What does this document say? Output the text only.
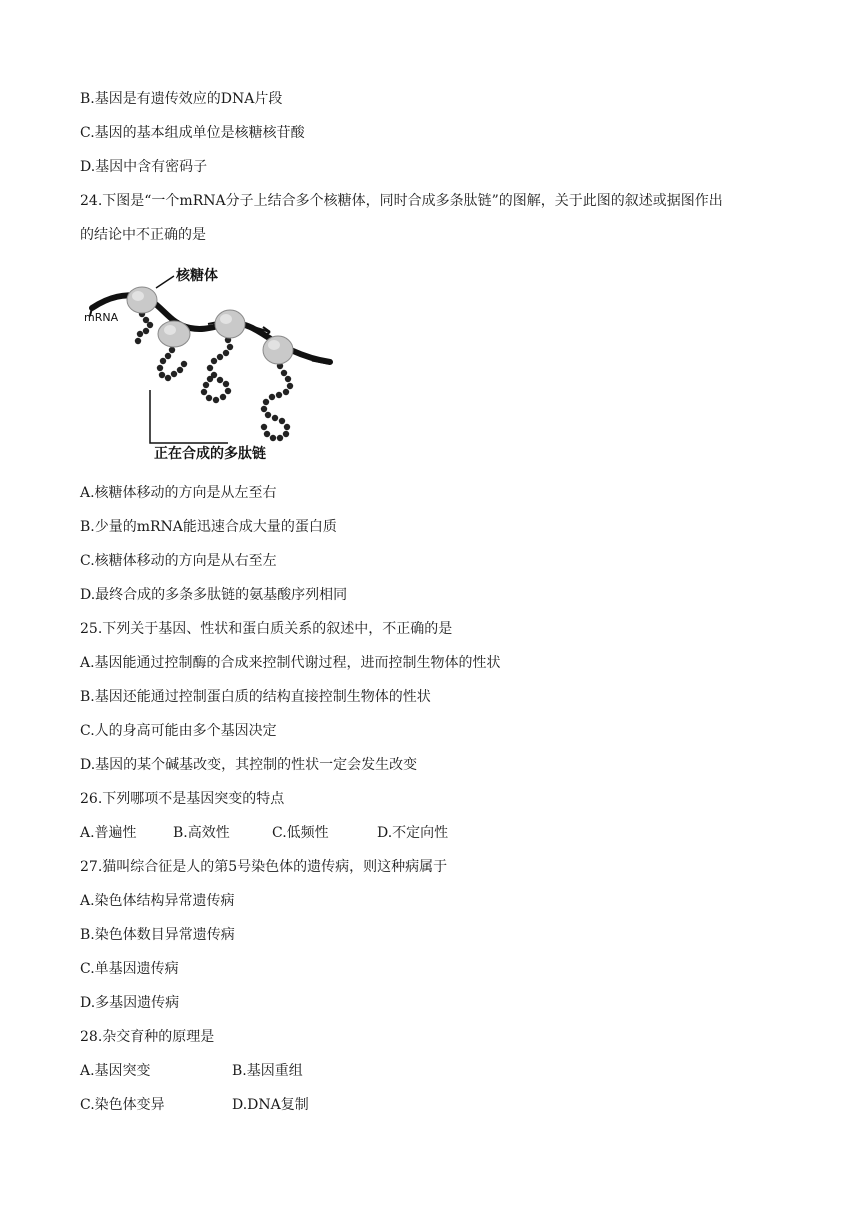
B.基因是有遗传效应的DNA片段
C.基因的基本组成单位是核糖核苷酸
D.基因中含有密码子
24.下图是“一个mRNA分子上结合多个核糖体，同时合成多条肽链”的图解，关于此图的叙述或据图作出
的结论中不正确的是
核糖体
mRNA
正在合成的多肽链
A.核糖体移动的方向是从左至右
B.少量的mRNA能迅速合成大量的蛋白质
C.核糖体移动的方向是从右至左
D.最终合成的多条多肽链的氨基酸序列相同
25.下列关于基因、性状和蛋白质关系的叙述中，不正确的是
A.基因能通过控制酶的合成来控制代谢过程，进而控制生物体的性状
B.基因还能通过控制蛋白质的结构直接控制生物体的性状
C.人的身高可能由多个基因决定
D.基因的某个碱基改变，其控制的性状一定会发生改变
26.下列哪项不是基因突变的特点
A.普遍性	B.高效性	C.低频性	D.不定向性
27.猫叫综合征是人的第5号染色体的遗传病，则这种病属于
A.染色体结构异常遗传病
B.染色体数目异常遗传病
C.单基因遗传病
D.多基因遗传病
28.杂交育种的原理是
A.基因突变	B.基因重组
C.染色体变异	D.DNA复制
